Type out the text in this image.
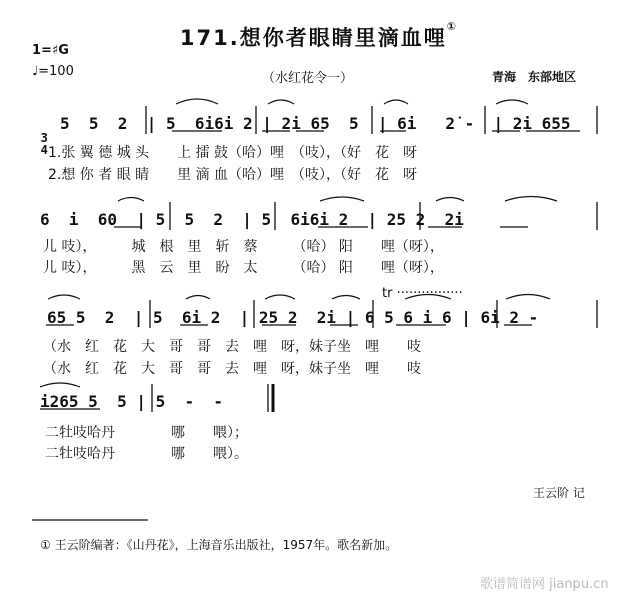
171.想你者眼睛里滴血哩①
1=♯G
♩=100	（水红花令一）	青海　东部地区

3
4

5  5  2  | 5  6i6i 2 | 2i 65  5  | 6i   2˙-  | 2i 655
1.张 翼 德 城 头　　上 擂 鼓（哈）哩　（吱），（好　花　呀
2.想 你 者 眼 睛　　里 滴 血（哈）哩　（吱），（好　花　呀
6  i  60  | 5  5  2  | 5  6i6i 2  | 25 2  2i
儿 吱），　　　城　根　里　斩　蔡　　　（哈） 阳　　哩（呀），
儿 吱），　　　黑　云　里　盼　太　　　（哈） 阳　　哩（呀），
tr ················
65 5  2  | 5  6i 2  | 25 2  2i | 6 5 6 i 6 | 6i 2 -
（水　红　花　大　哥　哥　去　哩　呀，妹子坐　哩　　吱
（水　红　花　大　哥　哥　去　哩　呀，妹子坐　哩　　吱
i265 5  5 | 5  -  -
二牡吱哈丹　　　　哪　　喂）；
二牡吱哈丹　　　　哪　　喂）。
王云阶 记
① 王云阶编著：《山丹花》，上海音乐出版社，1957年。歌名新加。
歌谱简谱网 jianpu.cn
